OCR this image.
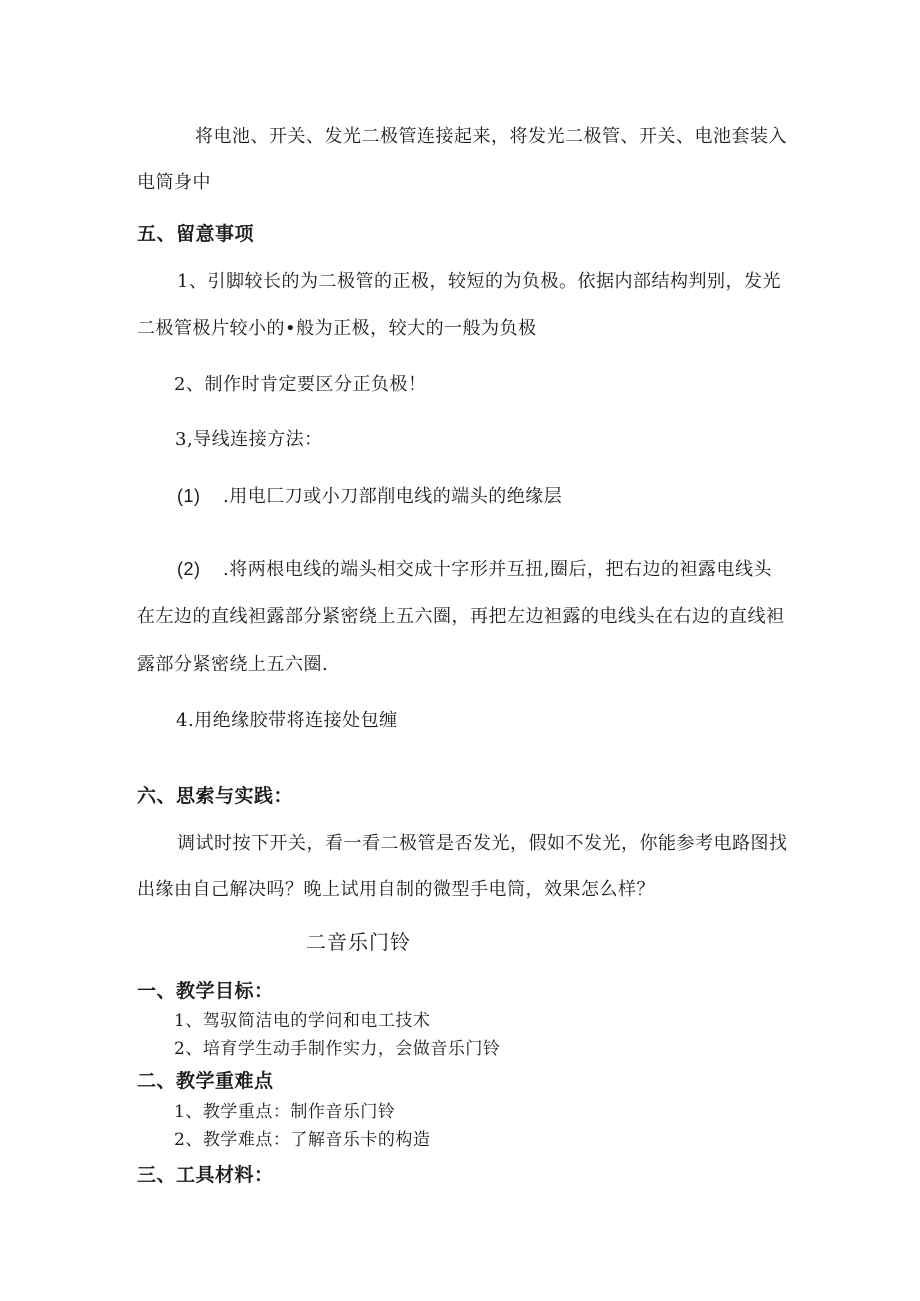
将电池、开关、发光二极管连接起来，将发光二极管、开关、电池套装入
电筒身中
五、留意事项
1、引脚较长的为二极管的正极，较短的为负极。依据内部结构判别，发光
二极管极片较小的•般为正极，较大的一般为负极
2、制作时肯定要区分正负极！
3,导线连接方法：
(1) .用电匚刀或小刀部削电线的端头的绝缘层
(2) .将两根电线的端头相交成十字形并互扭,圈后，把右边的袒露电线头
在左边的直线袒露部分紧密绕上五六圈，再把左边袒露的电线头在右边的直线袒
露部分紧密绕上五六圈.
4.用绝缘胶带将连接处包缠
六、思索与实践：
调试时按下开关，看一看二极管是否发光，假如不发光，你能参考电路图找
出缘由自己解决吗？晚上试用自制的微型手电筒，效果怎么样？
二音乐门铃
一、教学目标：
1、驾驭简洁电的学问和电工技术
2、培育学生动手制作实力，会做音乐门铃
二、教学重难点
1、教学重点：制作音乐门铃
2、教学难点：了解音乐卡的构造
三、工具材料：
